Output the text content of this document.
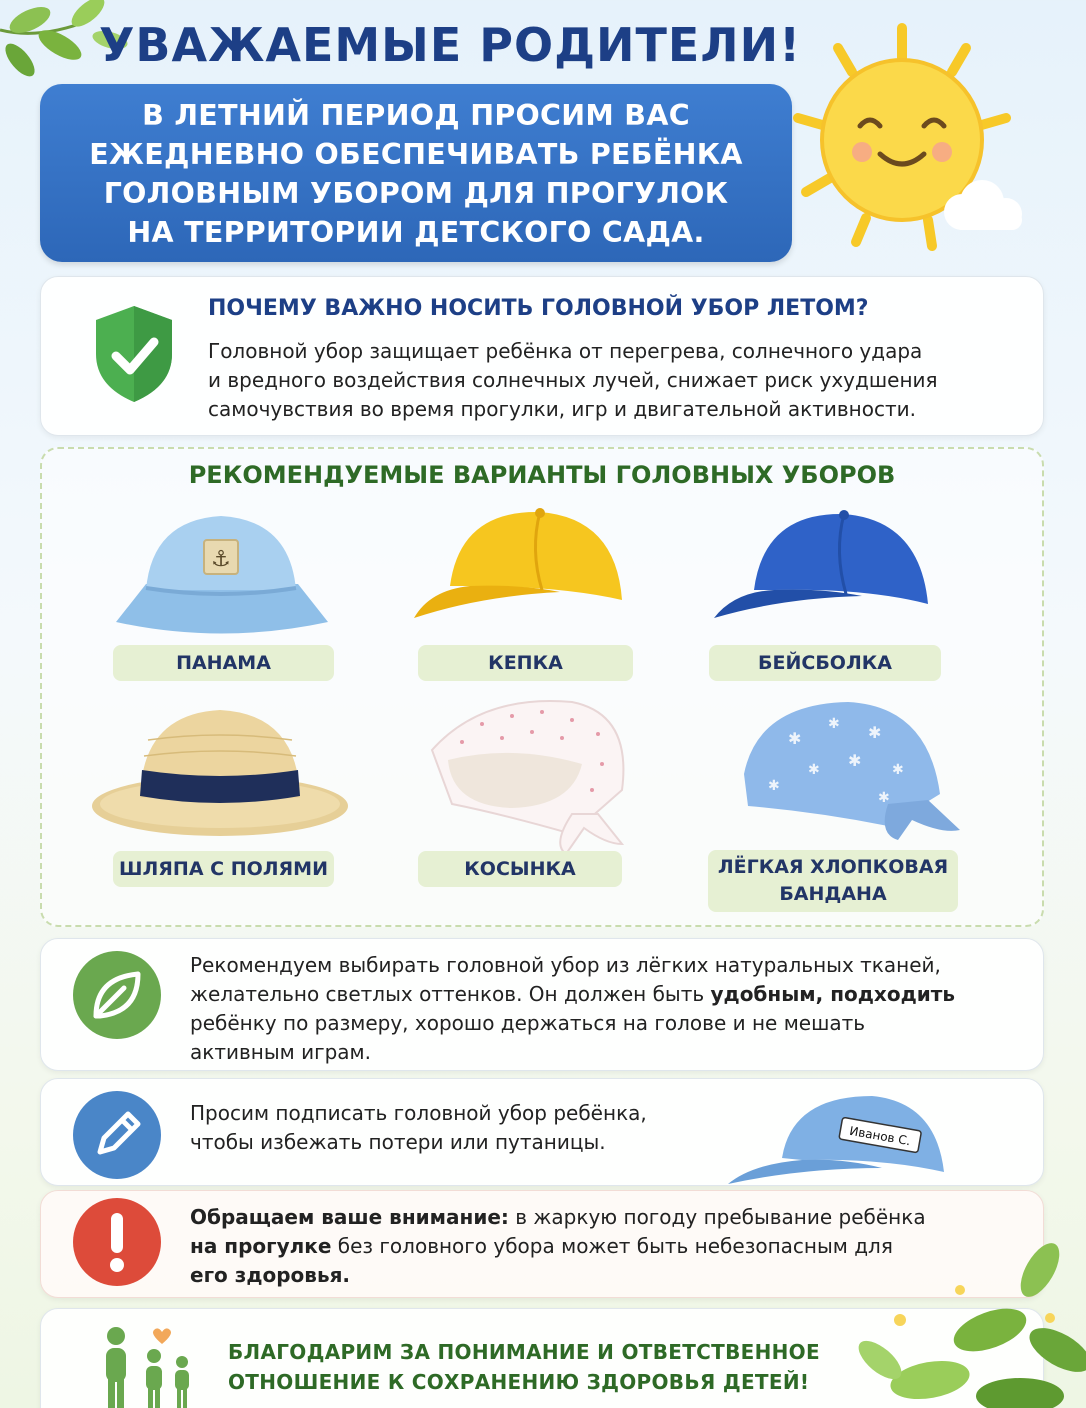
УВАЖАЕМЫЕ РОДИТЕЛИ!
В ЛЕТНИЙ ПЕРИОД ПРОСИМ ВАС
ЕЖЕДНЕВНО ОБЕСПЕЧИВАТЬ РЕБЁНКА
ГОЛОВНЫМ УБОРОМ ДЛЯ ПРОГУЛОК
НА ТЕРРИТОРИИ ДЕТСКОГО САДА.
ПОЧЕМУ ВАЖНО НОСИТЬ ГОЛОВНОЙ УБОР ЛЕТОМ?
Головной убор защищает ребёнка от перегрева, солнечного удара
и вредного воздействия солнечных лучей, снижает риск ухудшения
самочувствия во время прогулки, игр и двигательной активности.
РЕКОМЕНДУЕМЫЕ ВАРИАНТЫ ГОЛОВНЫХ УБОРОВ
⚓
ПАНАМА	КЕПКА	БЕЙСБОЛКА
ШЛЯПА С ПОЛЯМИ	КОСЫНКА
✱
✱ ✱
✱ ✱ ✱
✱
✱
ЛЁГКАЯ ХЛОПКОВАЯ
БАНДАНА
Рекомендуем выбирать головной убор из лёгких натуральных тканей,
желательно светлых оттенков. Он должен быть удобным, подходить
ребёнку по размеру, хорошо держаться на голове и не мешать
активным играм.
Просим подписать головной убор ребёнка,
чтобы избежать потери или путаницы.	Иванов С.
Обращаем ваше внимание: в жаркую погоду пребывание ребёнка
на прогулке без головного убора может быть небезопасным для
его здоровья.
БЛАГОДАРИМ ЗА ПОНИМАНИЕ И ОТВЕТСТВЕННОЕ
ОТНОШЕНИЕ К СОХРАНЕНИЮ ЗДОРОВЬЯ ДЕТЕЙ!
